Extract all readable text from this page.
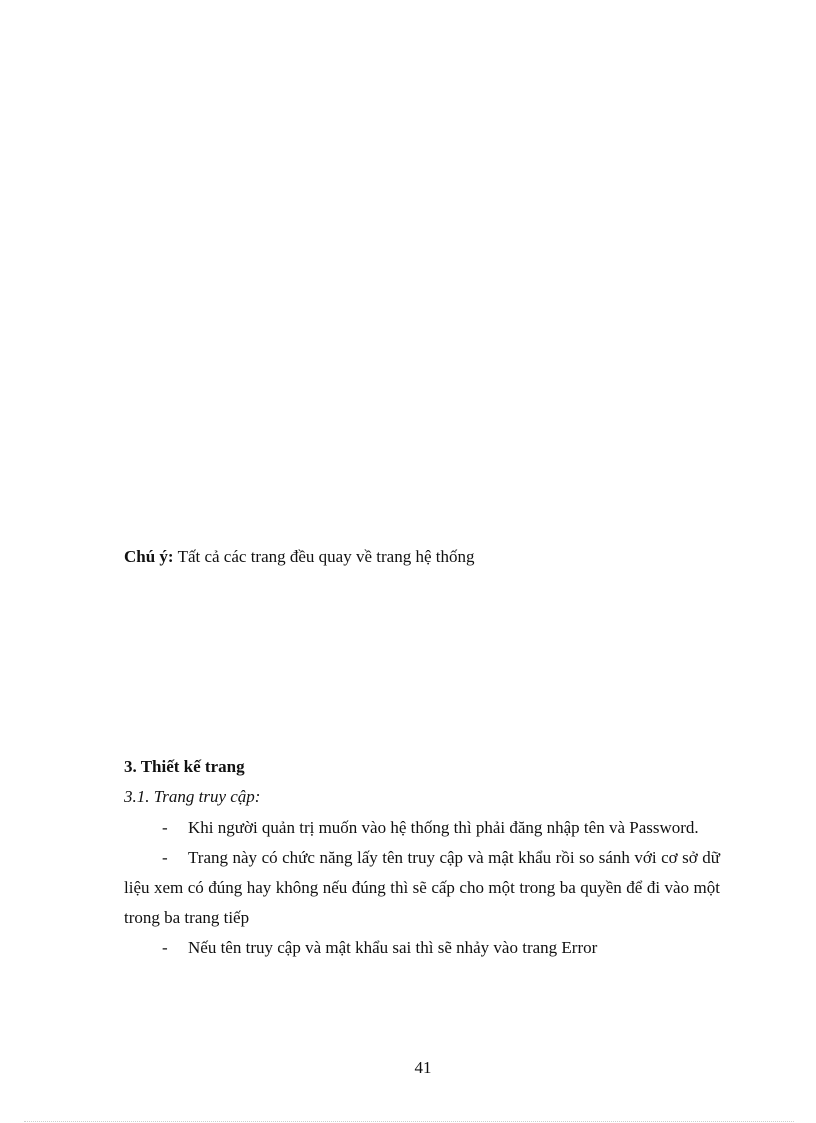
Chú ý: Tất cả các trang đều quay về trang hệ thống
3. Thiết kế trang
3.1. Trang truy cập:
- Khi người quản trị muốn vào hệ thống thì phải đăng nhập tên và Password.
- Trang này có chức năng lấy tên truy cập và mật khẩu rồi so sánh với cơ sở dữ liệu xem có đúng hay không nếu đúng thì sẽ cấp cho một trong ba quyền để đi vào một trong ba trang tiếp
- Nếu tên truy cập và mật khẩu sai thì sẽ nhảy vào trang Error
41
